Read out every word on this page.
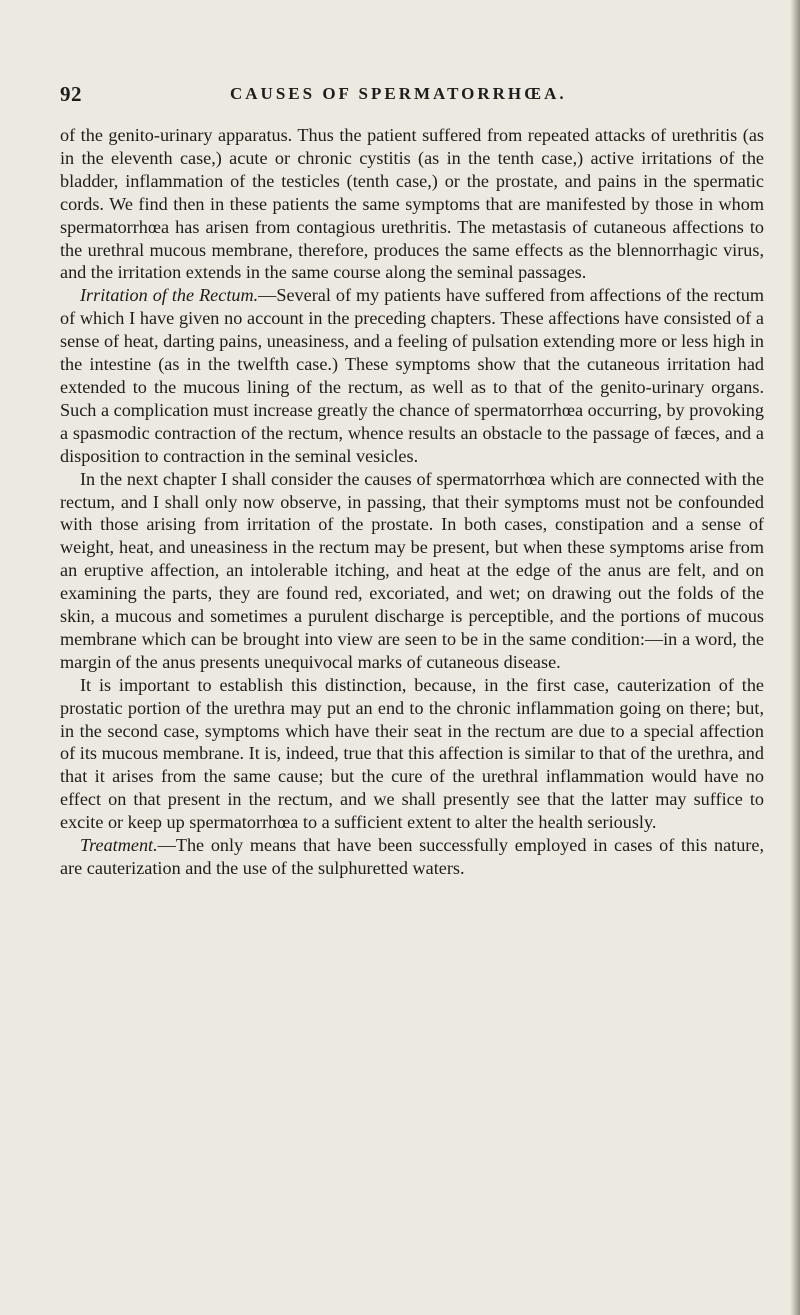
92	CAUSES OF SPERMATORRHŒA.

of the genito-urinary apparatus. Thus the patient suffered from repeated attacks of urethritis (as in the eleventh case,) acute or chronic cystitis (as in the tenth case,) active irritations of the bladder, inflammation of the testicles (tenth case,) or the prostate, and pains in the spermatic cords. We find then in these patients the same symptoms that are manifested by those in whom spermatorrhœa has arisen from contagious urethritis. The metastasis of cutaneous affections to the urethral mucous membrane, therefore, produces the same effects as the blennorrhagic virus, and the irritation extends in the same course along the seminal passages.

Irritation of the Rectum.—Several of my patients have suffered from affections of the rectum of which I have given no account in the preceding chapters. These affections have consisted of a sense of heat, darting pains, uneasiness, and a feeling of pulsation extending more or less high in the intestine (as in the twelfth case.) These symptoms show that the cutaneous irritation had extended to the mucous lining of the rectum, as well as to that of the genito-urinary organs. Such a complication must increase greatly the chance of spermatorrhœa occurring, by provoking a spasmodic contraction of the rectum, whence results an obstacle to the passage of fæces, and a disposition to contraction in the seminal vesicles.

In the next chapter I shall consider the causes of spermatorrhœa which are connected with the rectum, and I shall only now observe, in passing, that their symptoms must not be confounded with those arising from irritation of the prostate. In both cases, constipation and a sense of weight, heat, and uneasiness in the rectum may be present, but when these symptoms arise from an eruptive affection, an intolerable itching, and heat at the edge of the anus are felt, and on examining the parts, they are found red, excoriated, and wet; on drawing out the folds of the skin, a mucous and sometimes a purulent discharge is perceptible, and the portions of mucous membrane which can be brought into view are seen to be in the same condition:—in a word, the margin of the anus presents unequivocal marks of cutaneous disease.

It is important to establish this distinction, because, in the first case, cauterization of the prostatic portion of the urethra may put an end to the chronic inflammation going on there; but, in the second case, symptoms which have their seat in the rectum are due to a special affection of its mucous membrane. It is, indeed, true that this affection is similar to that of the urethra, and that it arises from the same cause; but the cure of the urethral inflammation would have no effect on that present in the rectum, and we shall presently see that the latter may suffice to excite or keep up spermatorrhœa to a sufficient extent to alter the health seriously.

Treatment.—The only means that have been successfully employed in cases of this nature, are cauterization and the use of the sulphuretted waters.
